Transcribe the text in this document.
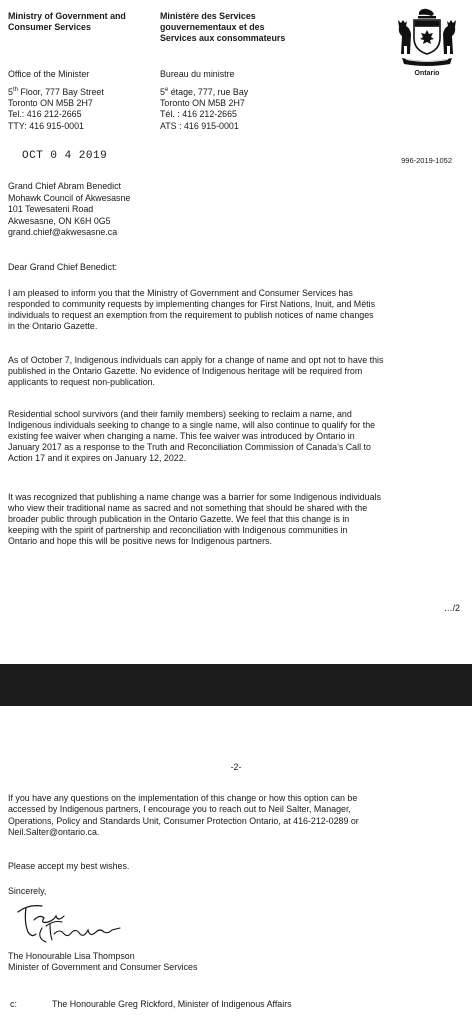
Ministry of Government and
Consumer Services
Ministère des Services
gouvernementaux et des
Services aux consommateurs
Ontario
Office of the Minister	Bureau du ministre
5th Floor, 777 Bay Street
Toronto ON M5B 2H7
Tel.: 416 212-2665
TTY: 416 915-0001
5e étage, 777, rue Bay
Toronto ON M5B 2H7
Tél. : 416 212-2665
ATS : 416 915-0001
OCT 0 4 2019	996-2019-1052
Grand Chief Abram Benedict
Mohawk Council of Akwesasne
101 Tewesateni Road
Akwesasne, ON K6H 0G5
grand.chief@akwesasne.ca
Dear Grand Chief Benedict:
I am pleased to inform you that the Ministry of Government and Consumer Services has
responded to community requests by implementing changes for First Nations, Inuit, and Métis
individuals to request an exemption from the requirement to publish notices of name changes
in the Ontario Gazette.
As of October 7, Indigenous individuals can apply for a change of name and opt not to have this
published in the Ontario Gazette. No evidence of Indigenous heritage will be required from
applicants to request non-publication.
Residential school survivors (and their family members) seeking to reclaim a name, and
Indigenous individuals seeking to change to a single name, will also continue to qualify for the
existing fee waiver when changing a name. This fee waiver was introduced by Ontario in
January 2017 as a response to the Truth and Reconciliation Commission of Canada’s Call to
Action 17 and it expires on January 12, 2022.
It was recognized that publishing a name change was a barrier for some Indigenous individuals
who view their traditional name as sacred and not something that should be shared with the
broader public through publication in the Ontario Gazette. We feel that this change is in
keeping with the spirit of partnership and reconciliation with Indigenous communities in
Ontario and hope this will be positive news for Indigenous partners.
…/2
-2-
If you have any questions on the implementation of this change or how this option can be
accessed by Indigenous partners, I encourage you to reach out to Neil Salter, Manager,
Operations, Policy and Standards Unit, Consumer Protection Ontario, at 416-212-0289 or
Neil.Salter@ontario.ca.
Please accept my best wishes.
Sincerely,
The Honourable Lisa Thompson
Minister of Government and Consumer Services
c:	The Honourable Greg Rickford, Minister of Indigenous Affairs
